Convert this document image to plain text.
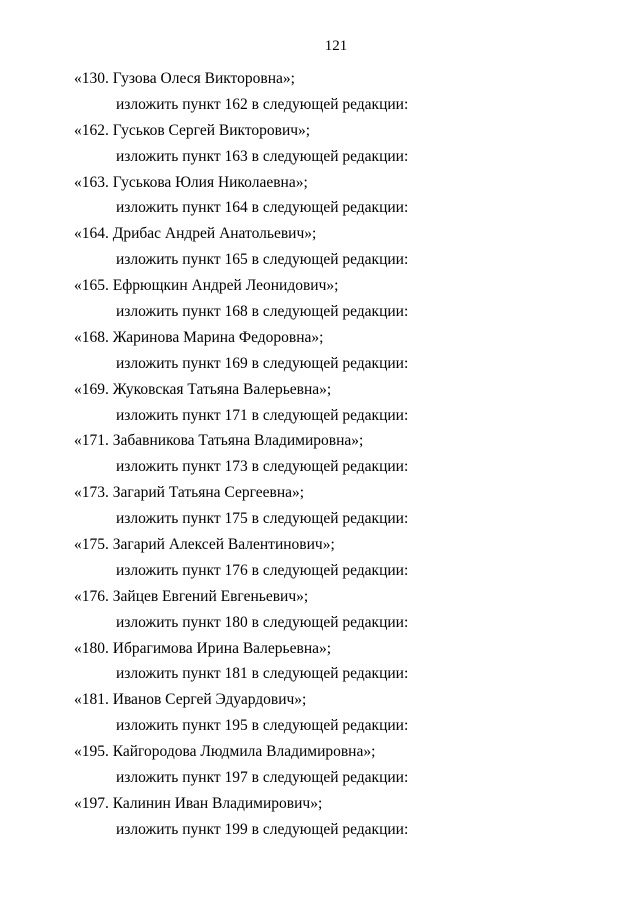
121
«130. Гузова Олеся Викторовна»;
изложить пункт 162 в следующей редакции:
«162. Гуськов Сергей Викторович»;
изложить пункт 163 в следующей редакции:
«163. Гуськова Юлия Николаевна»;
изложить пункт 164 в следующей редакции:
«164. Дрибас Андрей Анатольевич»;
изложить пункт 165 в следующей редакции:
«165. Ефрющкин Андрей Леонидович»;
изложить пункт 168 в следующей редакции:
«168. Жаринова Марина Федоровна»;
изложить пункт 169 в следующей редакции:
«169. Жуковская Татьяна Валерьевна»;
изложить пункт 171 в следующей редакции:
«171. Забавникова Татьяна Владимировна»;
изложить пункт 173 в следующей редакции:
«173. Загарий Татьяна Сергеевна»;
изложить пункт 175 в следующей редакции:
«175. Загарий Алексей Валентинович»;
изложить пункт 176 в следующей редакции:
«176. Зайцев Евгений Евгеньевич»;
изложить пункт 180 в следующей редакции:
«180. Ибрагимова Ирина Валерьевна»;
изложить пункт 181 в следующей редакции:
«181. Иванов Сергей Эдуардович»;
изложить пункт 195 в следующей редакции:
«195. Кайгородова Людмила Владимировна»;
изложить пункт 197 в следующей редакции:
«197. Калинин Иван Владимирович»;
изложить пункт 199 в следующей редакции:
